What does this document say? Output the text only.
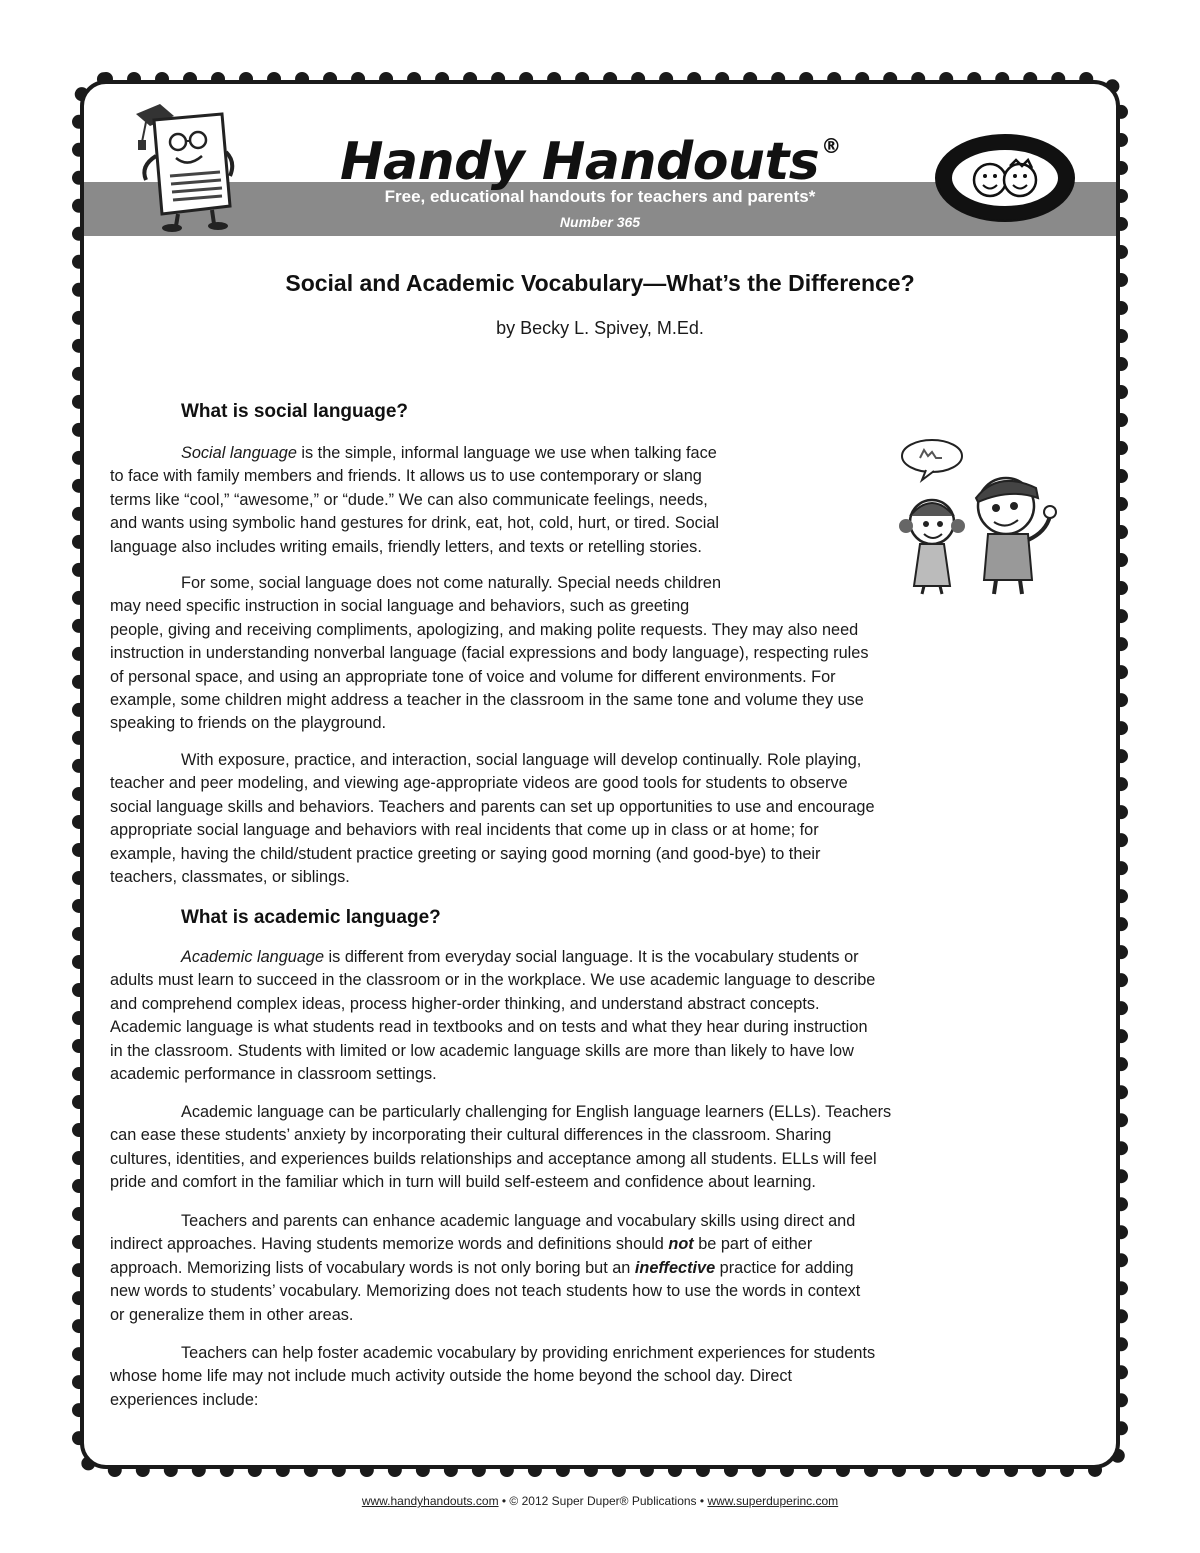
Handy Handouts ®
Free, educational handouts for teachers and parents*
Number 365
Social and Academic Vocabulary—What’s the Difference?
by Becky L. Spivey, M.Ed.
What is social language?

Social language is the simple, informal language we use when talking face
to face with family members and friends. It allows us to use contemporary or slang
terms like “cool,” “awesome,” or “dude.” We can also communicate feelings, needs,
and wants using symbolic hand gestures for drink, eat, hot, cold, hurt, or tired. Social
language also includes writing emails, friendly letters, and texts or retelling stories.

For some, social language does not come naturally. Special needs children
may need specific instruction in social language and behaviors, such as greeting
people, giving and receiving compliments, apologizing, and making polite requests. They may also need
instruction in understanding nonverbal language (facial expressions and body language), respecting rules
of personal space, and using an appropriate tone of voice and volume for different environments. For
example, some children might address a teacher in the classroom in the same tone and volume they use
speaking to friends on the playground.

With exposure, practice, and interaction, social language will develop continually. Role playing,
teacher and peer modeling, and viewing age-appropriate videos are good tools for students to observe
social language skills and behaviors. Teachers and parents can set up opportunities to use and encourage
appropriate social language and behaviors with real incidents that come up in class or at home; for
example, having the child/student practice greeting or saying good morning (and good-bye) to their
teachers, classmates, or siblings.

What is academic language?

Academic language is different from everyday social language. It is the vocabulary students or
adults must learn to succeed in the classroom or in the workplace. We use academic language to describe
and comprehend complex ideas, process higher-order thinking, and understand abstract concepts.
Academic language is what students read in textbooks and on tests and what they hear during instruction
in the classroom. Students with limited or low academic language skills are more than likely to have low
academic performance in classroom settings.

Academic language can be particularly challenging for English language learners (ELLs). Teachers
can ease these students’ anxiety by incorporating their cultural differences in the classroom. Sharing
cultures, identities, and experiences builds relationships and acceptance among all students. ELLs will feel
pride and comfort in the familiar which in turn will build self-esteem and confidence about learning.

Teachers and parents can enhance academic language and vocabulary skills using direct and
indirect approaches. Having students memorize words and definitions should not be part of either
approach. Memorizing lists of vocabulary words is not only boring but an ineffective practice for adding
new words to students’ vocabulary. Memorizing does not teach students how to use the words in context
or generalize them in other areas.

Teachers can help foster academic vocabulary by providing enrichment experiences for students
whose home life may not include much activity outside the home beyond the school day. Direct
experiences include:

www.handyhandouts.com • © 2012 Super Duper® Publications • www.superduperinc.com
